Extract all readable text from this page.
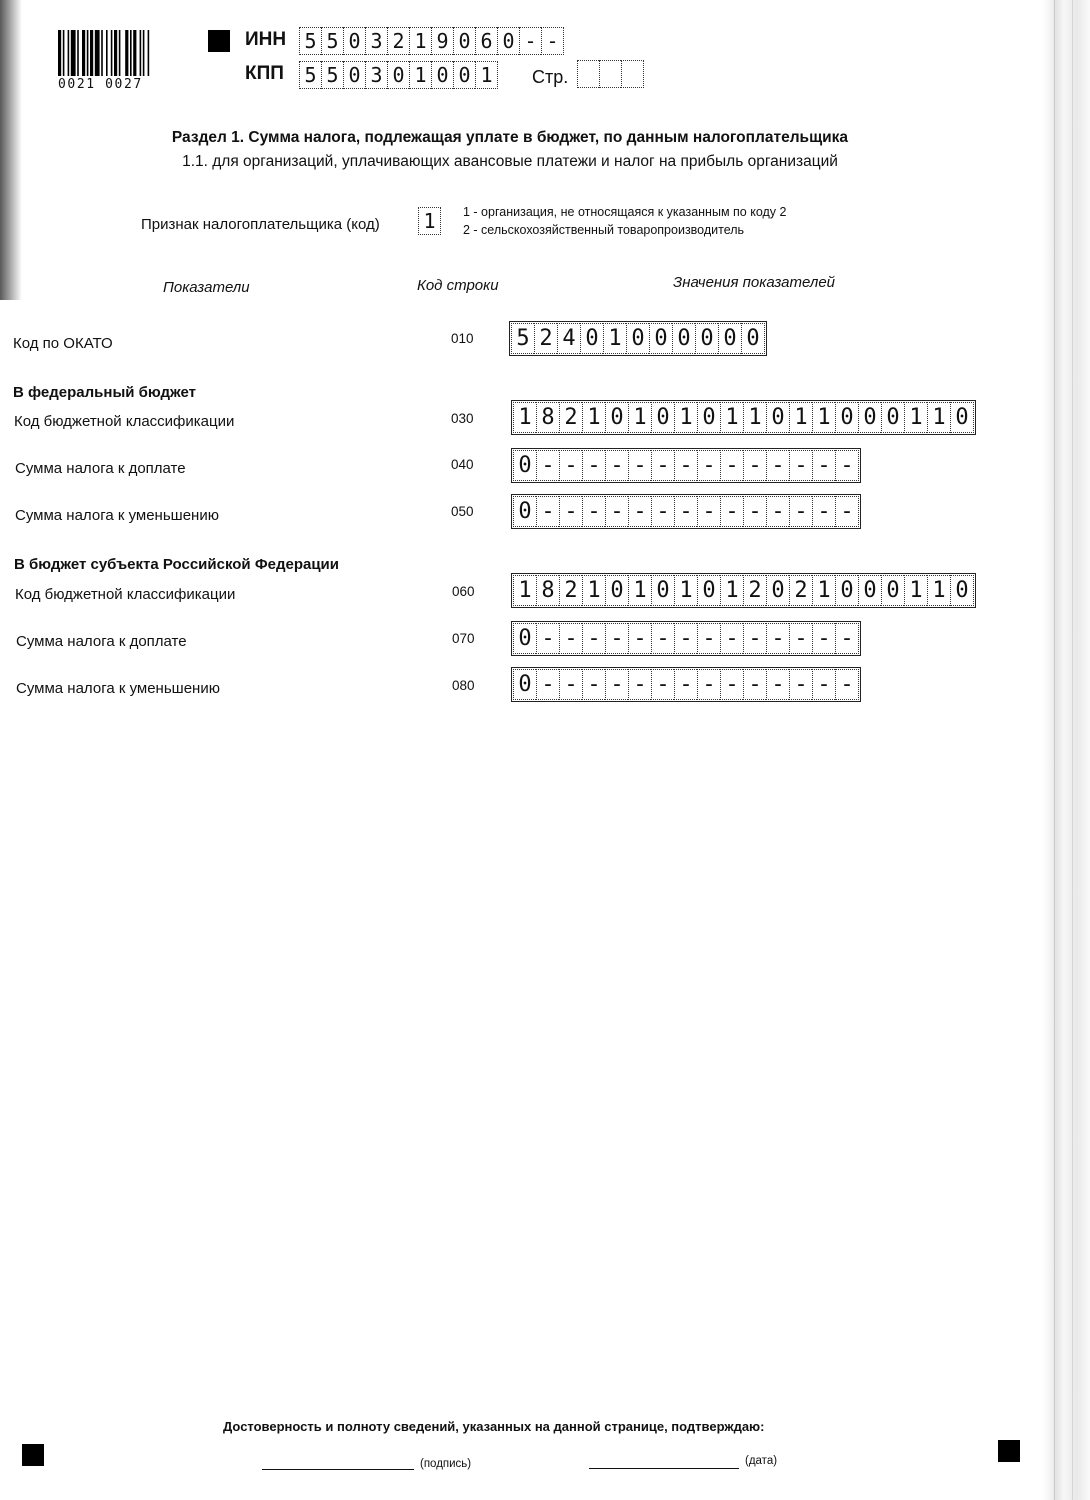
0021 0027
ИНН 5 5 0 3 2 1 9 0 6 0 - -
КПП 5 5 0 3 0 1 0 0 1	Стр.
Раздел 1. Сумма налога, подлежащая уплате в бюджет, по данным налогоплательщика
1.1. для организаций, уплачивающих авансовые платежи и налог на прибыль организаций
Признак налогоплательщика (код) 1	1 - организация, не относящаяся к указанным по коду 2
2 - сельскохозяйственный товаропроизводитель
Показатели	Код строки	Значения показателей
Код по ОКАТО	010 5 2 4 0 1 0 0 0 0 0 0
В федеральный бюджет
Код бюджетной классификации	030 1 8 2 1 0 1 0 1 0 1 1 0 1 1 0 0 0 1 1 0
Сумма налога к доплате	040 0 - - - - - - - - - - - - - -
Сумма налога к уменьшению	050 0 - - - - - - - - - - - - - -
В бюджет субъекта Российской Федерации
Код бюджетной классификации	060 1 8 2 1 0 1 0 1 0 1 2 0 2 1 0 0 0 1 1 0
Сумма налога к доплате	070 0 - - - - - - - - - - - - - -
Сумма налога к уменьшению	080 0 - - - - - - - - - - - - - -
Достоверность и полноту сведений, указанных на данной странице, подтверждаю:
(подпись)	(дата)
